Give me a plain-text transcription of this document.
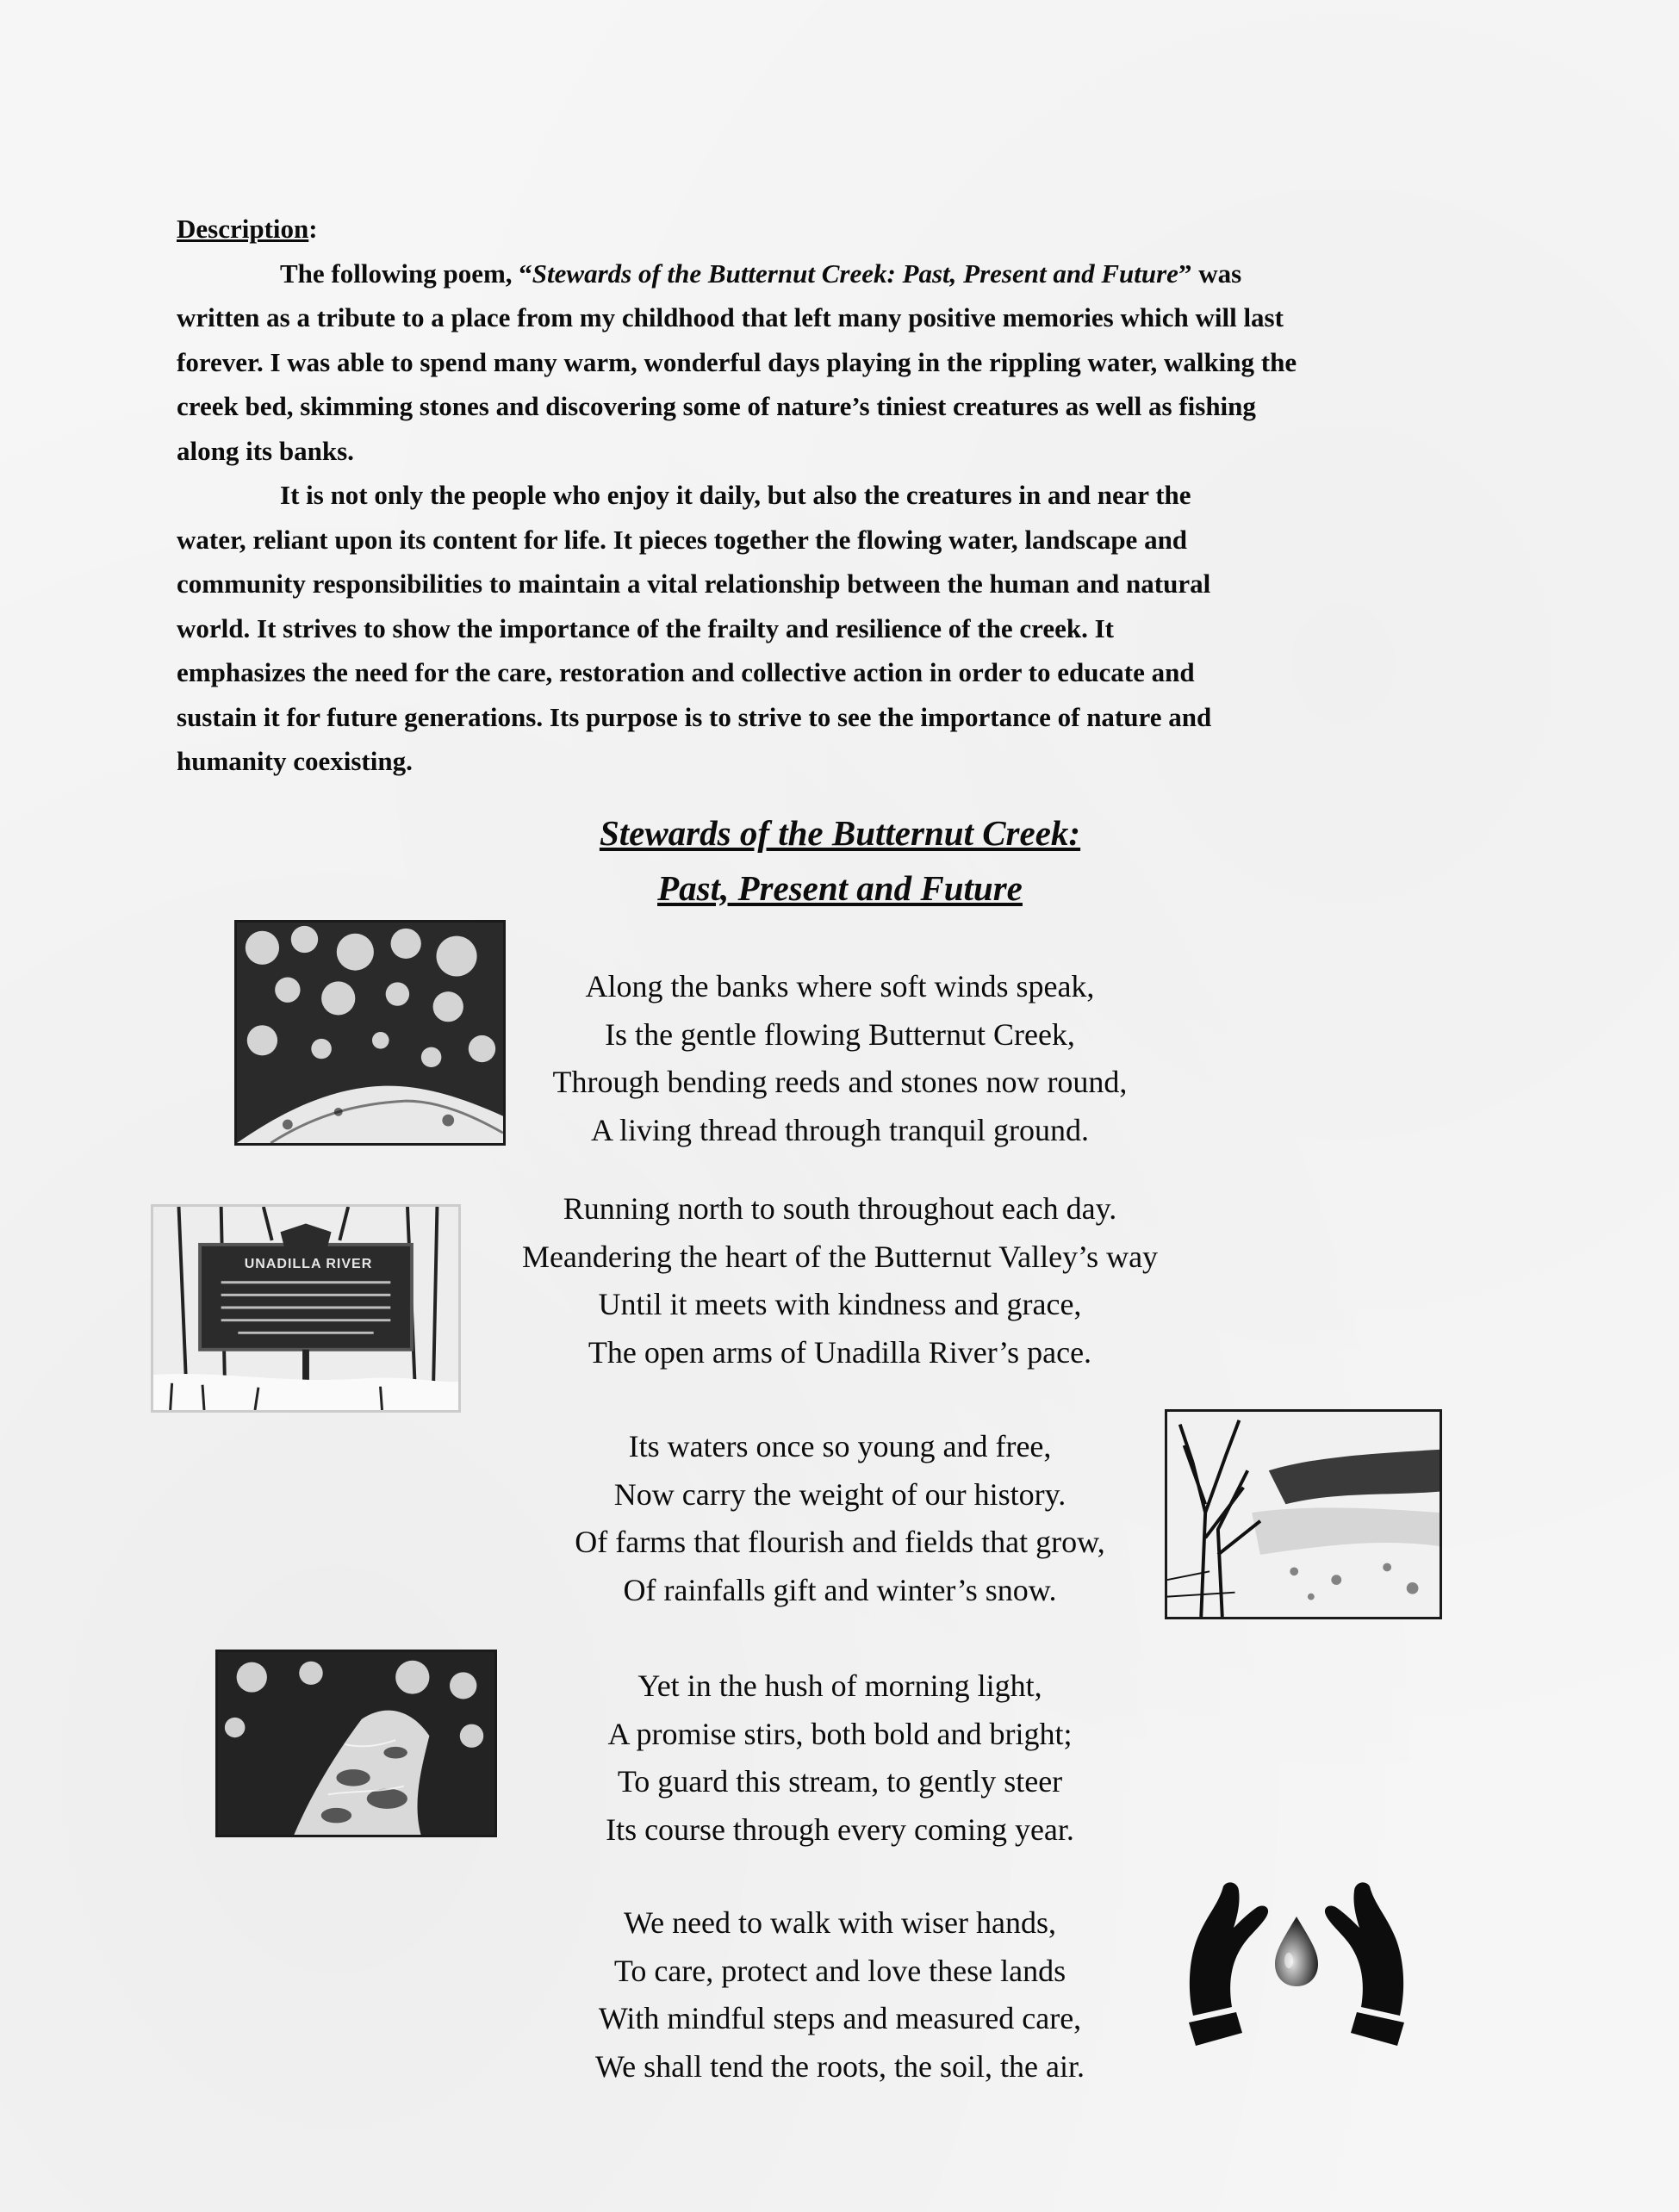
Description:

The following poem, “Stewards of the Butternut Creek: Past, Present and Future” was

written as a tribute to a place from my childhood that left many positive memories which will last

forever. I was able to spend many warm, wonderful days playing in the rippling water, walking the

creek bed, skimming stones and discovering some of nature’s tiniest creatures as well as fishing

along its banks.

It is not only the people who enjoy it daily, but also the creatures in and near the

water, reliant upon its content for life. It pieces together the flowing water, landscape and

community responsibilities to maintain a vital relationship between the human and natural

world. It strives to show the importance of the frailty and resilience of the creek. It

emphasizes the need for the care, restoration and collective action in order to educate and

sustain it for future generations. Its purpose is to strive to see the importance of nature and

humanity coexisting.

Stewards of the Butternut Creek:
Past, Present and Future
Along the banks where soft winds speak,
Is the gentle flowing Butternut Creek,
Through bending reeds and stones now round,
A living thread through tranquil ground.
Running north to south throughout each day.
Meandering the heart of the Butternut Valley’s way
Until it meets with kindness and grace,
The open arms of Unadilla River’s pace.
Its waters once so young and free,
Now carry the weight of our history.
Of farms that flourish and fields that grow,
Of rainfalls gift and winter’s snow.
Yet in the hush of morning light,
A promise stirs, both bold and bright;
To guard this stream, to gently steer
Its course through every coming year.
We need to walk with wiser hands,
To care, protect and love these lands
With mindful steps and measured care,
We shall tend the roots, the soil, the air.
UNADILLA RIVER
